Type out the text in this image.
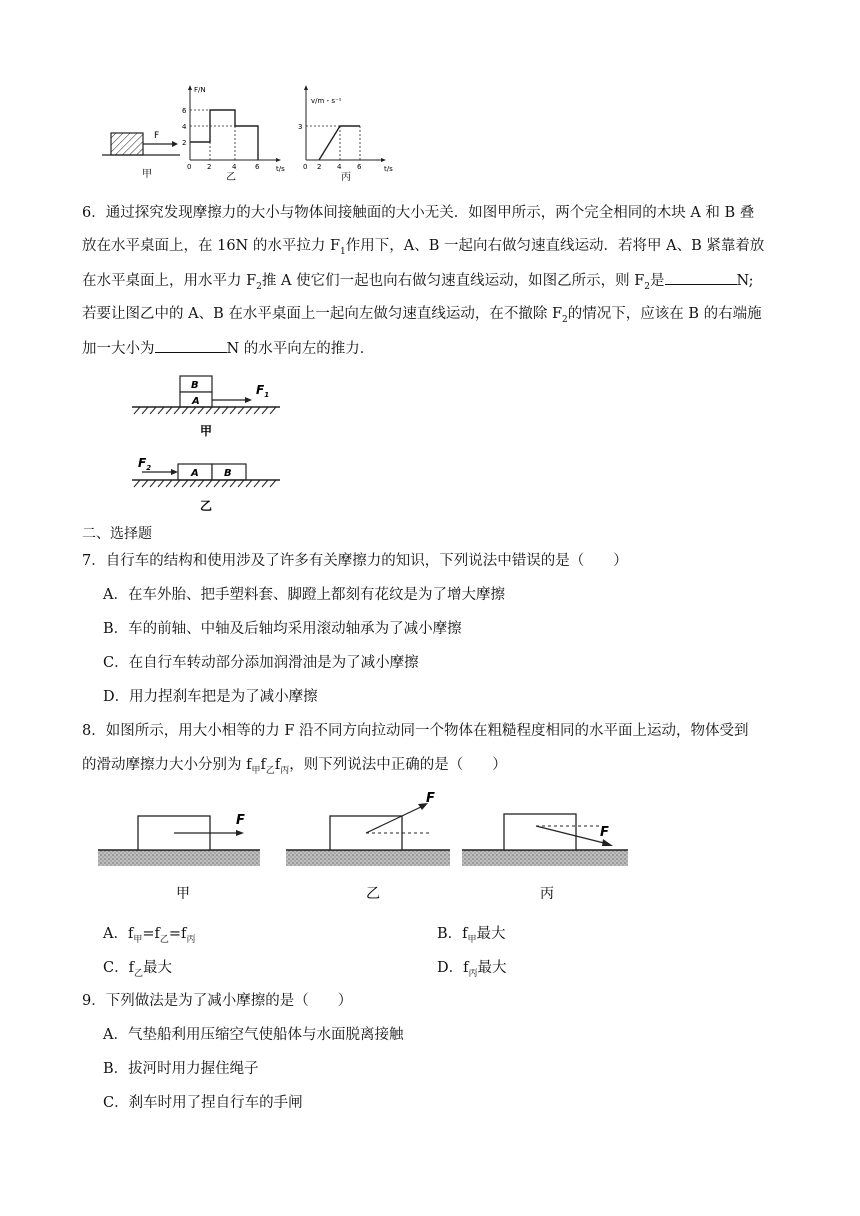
F
甲
F/N
t/s
6
4
2
0 2	4	6
乙
v/m・s⁻¹
t/s
3
0 2 4 6
丙
6．通过探究发现摩擦力的大小与物体间接触面的大小无关．如图甲所示，两个完全相同的木块 A 和 B 叠
放在水平桌面上，在 16N 的水平拉力 $F_1$作用下，A、B 一起向右做匀速直线运动．若将甲 A、B 紧靠着放
在水平桌面上，用水平力 $F_2$推 A 使它们一起也向右做匀速直线运动，如图乙所示，则 $F_2$是	N;
若要让图乙中的 A、B 在水平桌面上一起向左做匀速直线运动，在不撤除 $F_2$的情况下，应该在 B 的右端施
加一大小为	N 的水平向左的推力．
B
A
$F_1$
甲
$F_2$	A	B
乙
二、选择题
7．自行车的结构和使用涉及了许多有关摩擦力的知识，下列说法中错误的是（　　）
A．在车外胎、把手塑料套、脚蹬上都刻有花纹是为了增大摩擦
B．车的前轴、中轴及后轴均采用滚动轴承为了减小摩擦
C．在自行车转动部分添加润滑油是为了减小摩擦
D．用力捏刹车把是为了减小摩擦
8．如图所示，用大小相等的力 F 沿不同方向拉动同一个物体在粗糙程度相同的水平面上运动，物体受到
的滑动摩擦力大小分别为 $f_甲f_乙f_丙$，则下列说法中正确的是（　　）
F
甲
F
乙
F
丙
A．$f_甲=f_乙=f_丙$	B．$f_甲$最大
C．$f_乙$最大	D．$f_丙$最大
9．下列做法是为了减小摩擦的是（　　）
A．气垫船利用压缩空气使船体与水面脱离接触
B．拔河时用力握住绳子
C．刹车时用了捏自行车的手闸
